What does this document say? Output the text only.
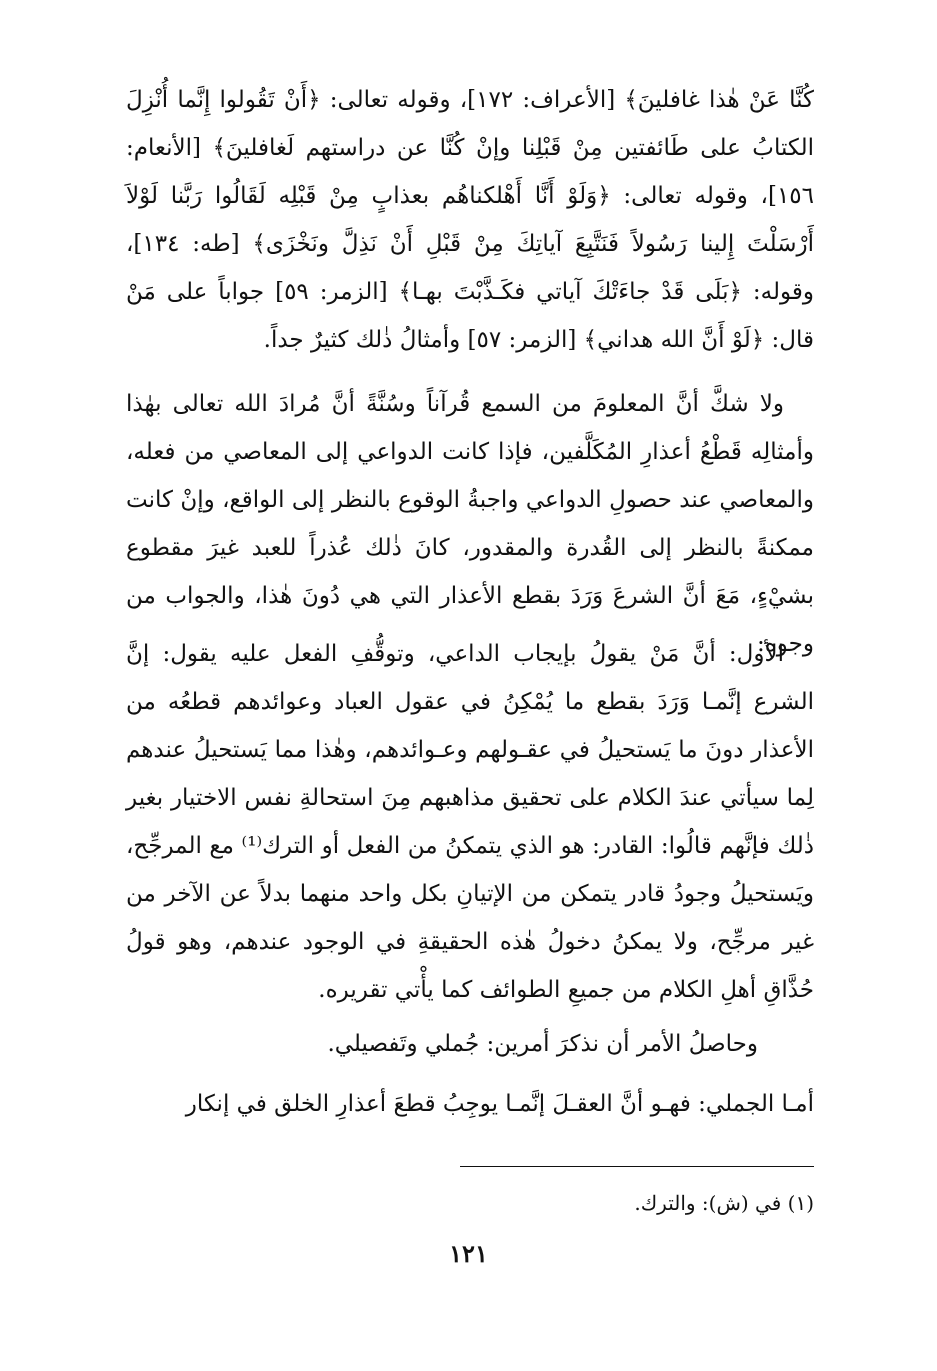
كُنَّا عَنْ هٰذا غافلينَ﴾ [الأعراف: ١٧٢]، وقوله تعالى: ﴿أَنْ تَقُولوا إِنَّما أُنْزِلَ الكتابُ على طَائفتين مِنْ قَبْلِنا وإنْ كُنَّا عن دراستهم لَغافلينَ﴾ [الأنعام: ١٥٦]، وقوله تعالى: ﴿وَلَوْ أَنَّا أَهْلكناهُم بعذابٍ مِنْ قَبْلِه لَقَالُوا رَبَّنا لَوْلاَ أَرْسَلْتَ إِلينا رَسُولاً فَنَتَّبِعَ آياتِكَ مِنْ قَبْلِ أَنْ نَذِلَّ ونَخْزَى﴾ [طه: ١٣٤]، وقوله: ﴿بَلَى قَدْ جاءَتْكَ آياتي فكَـذَّبْتَ بهـا﴾ [الزمر: ٥٩] جواباً على مَنْ قال: ﴿لَوْ أَنَّ الله هداني﴾ [الزمر: ٥٧] وأمثالُ ذٰلك كثيرٌ جداً.

ولا شكَّ أنَّ المعلومَ من السمع قُرآناً وسُنَّةً أنَّ مُرادَ الله تعالى بهٰذا وأمثالِه قَطْعُ أعذارِ المُكَلَّفين، فإذا كانت الدواعي إلى المعاصي من فعله، والمعاصي عند حصولِ الدواعي واجبةُ الوقوع بالنظر إلى الواقع، وإنْ كانت ممكنةً بالنظر إلى القُدرة والمقدور، كانَ ذٰلك عُذراً للعبد غيرَ مقطوع بشيْءٍ، مَعَ أنَّ الشرعَ وَرَدَ بقطع الأعذار التي هي دُونَ هٰذا، والجواب من وجوه:

الأول: أنَّ مَنْ يقولُ بإيجاب الداعي، وتوقُّفِ الفعل عليه يقول: إنَّ الشرع إنَّمـا وَرَدَ بقطع ما يُمْكِنُ في عقول العباد وعوائدهم قطعُه من الأعذار دونَ ما يَستحيلُ في عقـولهم وعـوائدهم، وهٰذا مما يَستحيلُ عندهم لِما سيأتي عندَ الكلام على تحقيق مذاهبهم مِنَ استحالةِ نفس الاختيار بغير ذٰلك فإنَّهم قالُوا: القادر: هو الذي يتمكنُ من الفعل أو الترك⁽¹⁾ مع المرجِّح، ويَستحيلُ وجودُ قادر يتمكن من الإتيانِ بكل واحد منهما بدلاً عن الآخر من غير مرجِّح، ولا يمكنُ دخولُ هٰذه الحقيقةِ في الوجود عندهم، وهو قولُ حُذَّاقِ أهلِ الكلام من جميعِ الطوائف كما يأْتي تقريره.

وحاصلُ الأمر أن نذكرَ أمرين: جُملي وتَفصيلي.

أمـا الجملي: فهـو أنَّ العقـلَ إنَّمـا يوجِبُ قطعَ أعذارِ الخلق في إنكار

(١) في (ش): والترك.
١٢١
